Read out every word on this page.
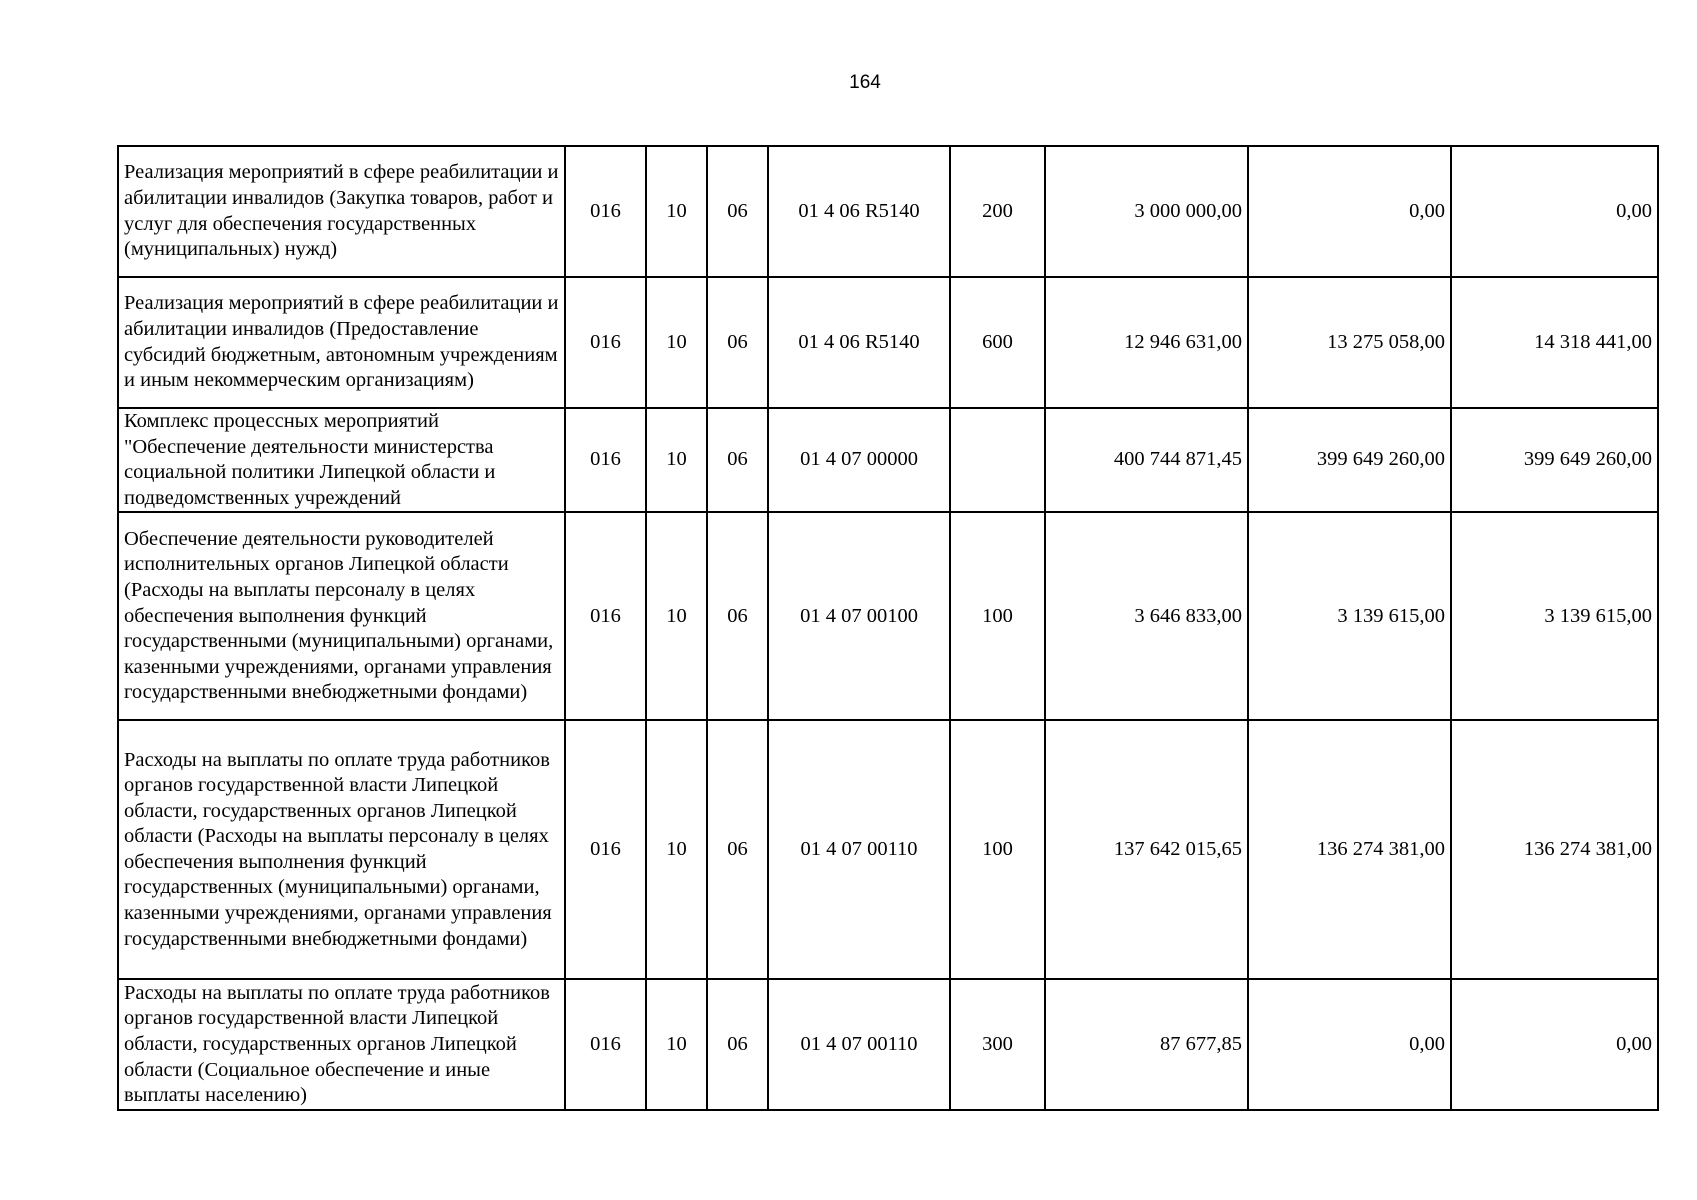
164
Реализация мероприятий в сфере реабилитации и абилитации инвалидов (Закупка товаров, работ и услуг для обеспечения государственных (муниципальных) нужд)	016	10	06	01 4 06 R5140	200	3 000 000,00	0,00	0,00
Реализация мероприятий в сфере реабилитации и абилитации инвалидов (Предоставление субсидий бюджетным, автономным учреждениям и иным некоммерческим организациям)	016	10	06	01 4 06 R5140	600	12 946 631,00	13 275 058,00	14 318 441,00
Комплекс процессных мероприятий "Обеспечение деятельности министерства социальной политики Липецкой области и подведомственных учреждений	016	10	06	01 4 07 00000		400 744 871,45	399 649 260,00	399 649 260,00
Обеспечение деятельности руководителей исполнительных органов Липецкой области (Расходы на выплаты персоналу в целях обеспечения выполнения функций государственными (муниципальными) органами, казенными учреждениями, органами управления государственными внебюджетными фондами)	016	10	06	01 4 07 00100	100	3 646 833,00	3 139 615,00	3 139 615,00
Расходы на выплаты по оплате труда работников органов государственной власти Липецкой области, государственных органов Липецкой области (Расходы на выплаты персоналу в целях обеспечения выполнения функций государственных (муниципальными) органами, казенными учреждениями, органами управления государственными внебюджетными фондами)	016	10	06	01 4 07 00110	100	137 642 015,65	136 274 381,00	136 274 381,00
Расходы на выплаты по оплате труда работников органов государственной власти Липецкой области, государственных органов Липецкой области (Социальное обеспечение и иные выплаты населению)	016	10	06	01 4 07 00110	300	87 677,85	0,00	0,00
